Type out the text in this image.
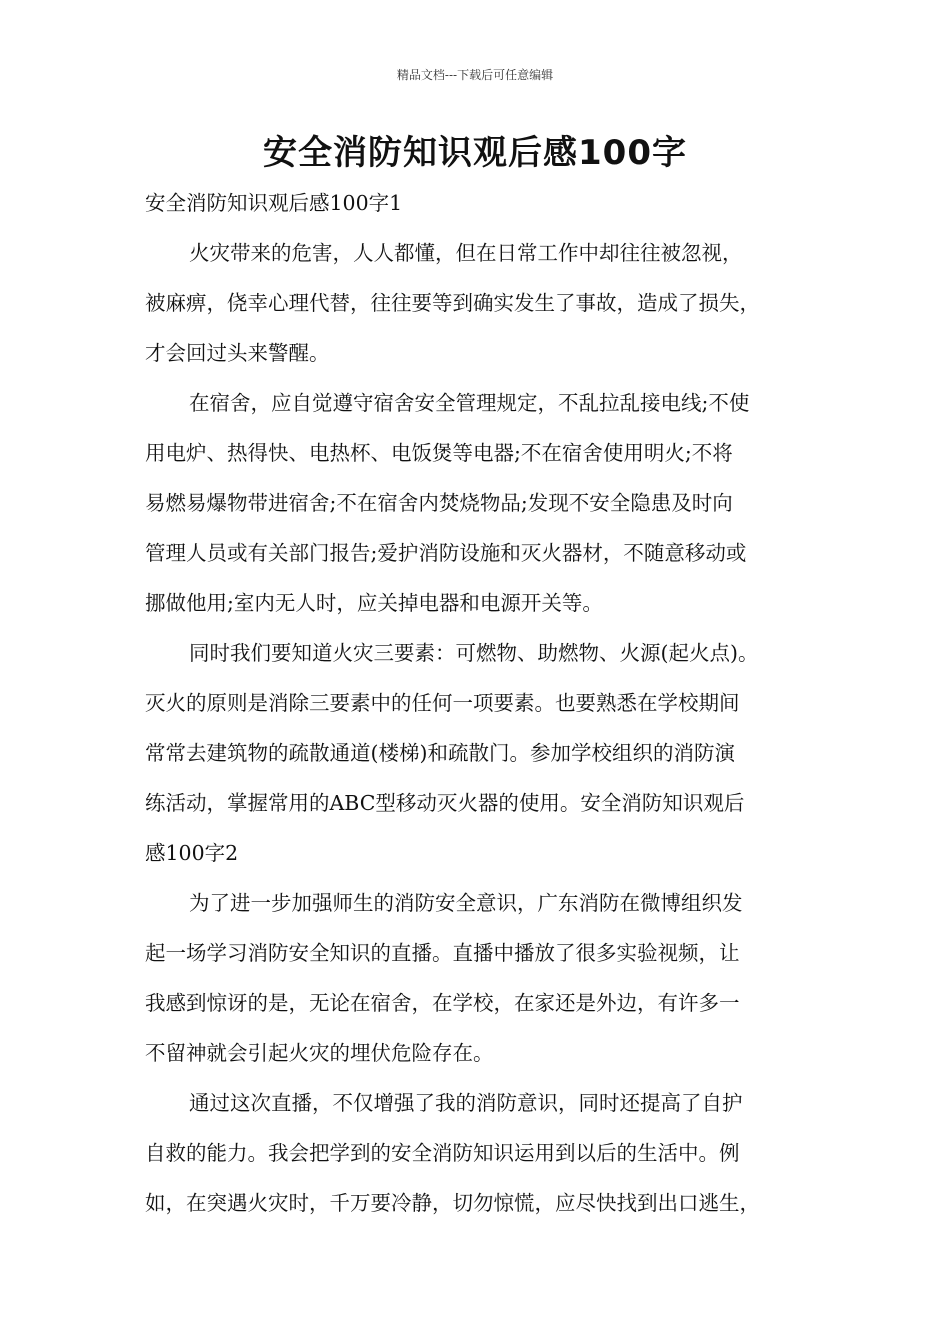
精品文档---下载后可任意编辑
安全消防知识观后感100字
安全消防知识观后感100字1
火灾带来的危害，人人都懂，但在日常工作中却往往被忽视，
被麻痹，侥幸心理代替，往往要等到确实发生了事故，造成了损失，
才会回过头来警醒。
在宿舍，应自觉遵守宿舍安全管理规定，不乱拉乱接电线;不使
用电炉、热得快、电热杯、电饭煲等电器;不在宿舍使用明火;不将
易燃易爆物带进宿舍;不在宿舍内焚烧物品;发现不安全隐患及时向
管理人员或有关部门报告;爱护消防设施和灭火器材，不随意移动或
挪做他用;室内无人时，应关掉电器和电源开关等。
同时我们要知道火灾三要素：可燃物、助燃物、火源(起火点)。
灭火的原则是消除三要素中的任何一项要素。也要熟悉在学校期间
常常去建筑物的疏散通道(楼梯)和疏散门。参加学校组织的消防演
练活动，掌握常用的ABC型移动灭火器的使用。安全消防知识观后
感100字2
为了进一步加强师生的消防安全意识，广东消防在微博组织发
起一场学习消防安全知识的直播。直播中播放了很多实验视频，让
我感到惊讶的是，无论在宿舍，在学校，在家还是外边，有许多一
不留神就会引起火灾的埋伏危险存在。
通过这次直播，不仅增强了我的消防意识，同时还提高了自护
自救的能力。我会把学到的安全消防知识运用到以后的生活中。例
如，在突遇火灾时，千万要冷静，切勿惊慌，应尽快找到出口逃生，
